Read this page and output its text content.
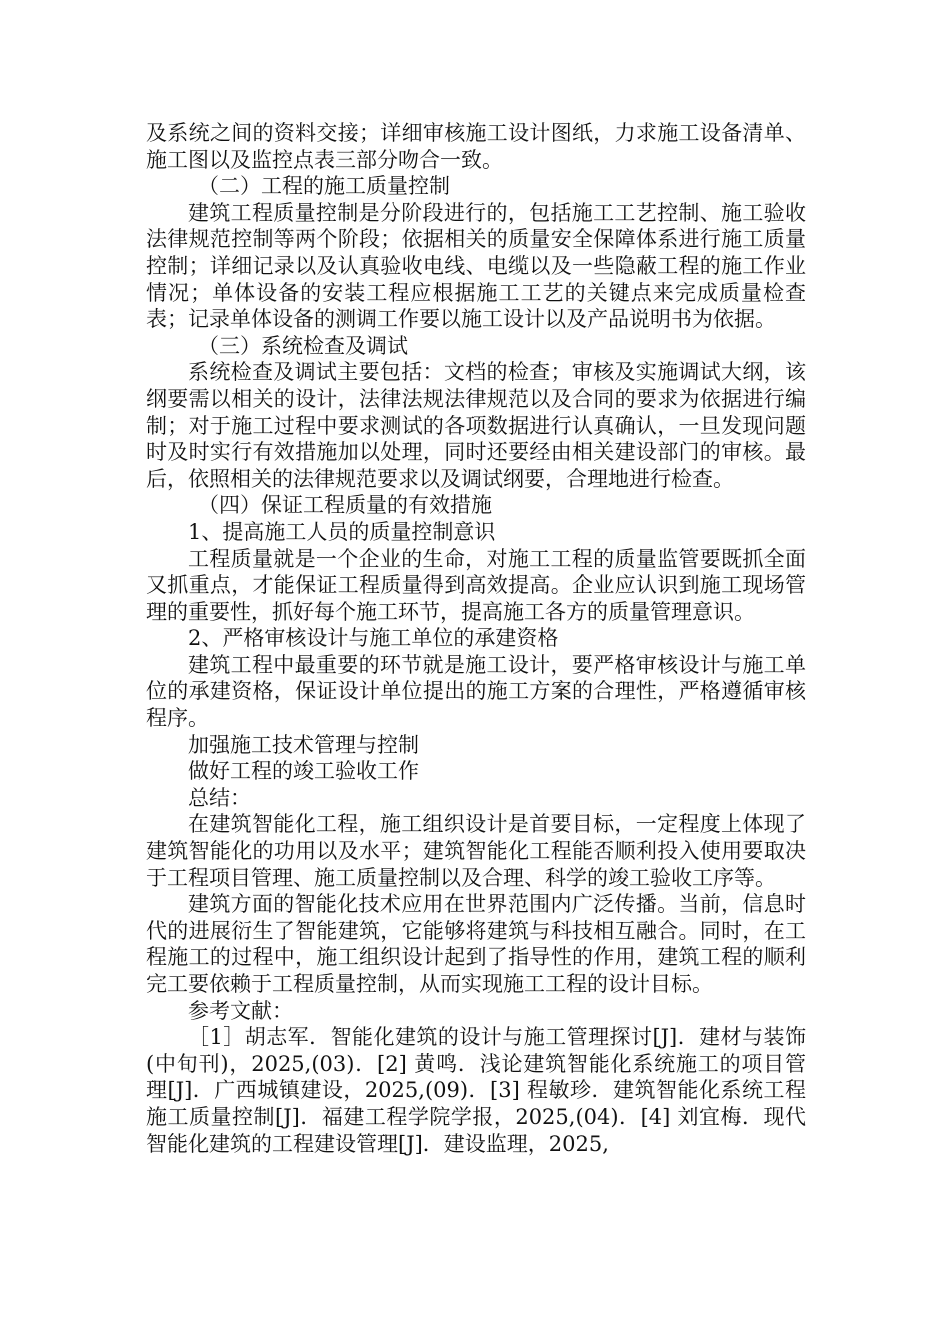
及系统之间的资料交接；详细审核施工设计图纸，力求施工设备清单、施工图以及监控点表三部分吻合一致。

（二）工程的施工质量控制

建筑工程质量控制是分阶段进行的，包括施工工艺控制、施工验收法律规范控制等两个阶段；依据相关的质量安全保障体系进行施工质量控制；详细记录以及认真验收电线、电缆以及一些隐蔽工程的施工作业情况；单体设备的安装工程应根据施工工艺的关键点来完成质量检查表；记录单体设备的测调工作要以施工设计以及产品说明书为依据。

（三）系统检查及调试

系统检查及调试主要包括：文档的检查；审核及实施调试大纲，该纲要需以相关的设计，法律法规法律规范以及合同的要求为依据进行编制；对于施工过程中要求测试的各项数据进行认真确认，一旦发现问题时及时实行有效措施加以处理，同时还要经由相关建设部门的审核。最后，依照相关的法律规范要求以及调试纲要，合理地进行检查。

（四）保证工程质量的有效措施

1、提高施工人员的质量控制意识

工程质量就是一个企业的生命，对施工工程的质量监管要既抓全面又抓重点，才能保证工程质量得到高效提高。企业应认识到施工现场管理的重要性，抓好每个施工环节，提高施工各方的质量管理意识。

2、严格审核设计与施工单位的承建资格

建筑工程中最重要的环节就是施工设计，要严格审核设计与施工单位的承建资格，保证设计单位提出的施工方案的合理性，严格遵循审核程序。

加强施工技术管理与控制

做好工程的竣工验收工作

总结：

在建筑智能化工程，施工组织设计是首要目标，一定程度上体现了建筑智能化的功用以及水平；建筑智能化工程能否顺利投入使用要取决于工程项目管理、施工质量控制以及合理、科学的竣工验收工序等。

建筑方面的智能化技术应用在世界范围内广泛传播。当前，信息时代的进展衍生了智能建筑，它能够将建筑与科技相互融合。同时，在工程施工的过程中，施工组织设计起到了指导性的作用，建筑工程的顺利完工要依赖于工程质量控制，从而实现施工工程的设计目标。

参考文献：

［1］胡志军．智能化建筑的设计与施工管理探讨[J]．建材与装饰(中旬刊)，2025,(03)．[2] 黄鸣．浅论建筑智能化系统施工的项目管理[J]．广西城镇建设，2025,(09)．[3] 程敏珍．建筑智能化系统工程施工质量控制[J]．福建工程学院学报，2025,(04)．[4] 刘宜梅．现代智能化建筑的工程建设管理[J]．建设监理，2025,
